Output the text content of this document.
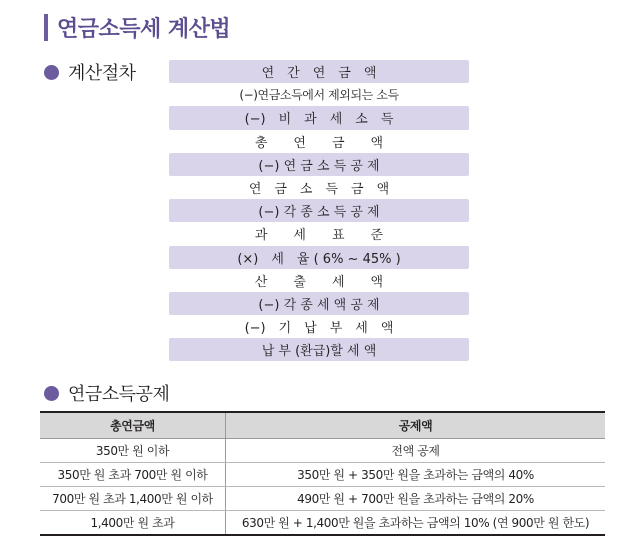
연금소득세 계산법
계산절차	연　간　연　금　액
(−)연금소득에서 제외되는 소득
(−)　비　과　세　소　득
총　　연　　금　　액
(−) 연 금 소 득 공 제
연　금　소　득　금　액
(−) 각 종 소 득 공 제
과　　세　　표　　준
(×)　세　율 ( 6% ~ 45% )
산　　출　　세　　액
(−) 각 종 세 액 공 제
(−)　기　납　부　세　액
납 부 (환급)할 세 액
연금소득공제
총연금액	공제액
350만 원 이하	전액 공제
350만 원 초과 700만 원 이하	350만 원 + 350만 원을 초과하는 금액의 40%
700만 원 초과 1,400만 원 이하	490만 원 + 700만 원을 초과하는 금액의 20%
1,400만 원 초과	630만 원 + 1,400만 원을 초과하는 금액의 10% (연 900만 원 한도)
